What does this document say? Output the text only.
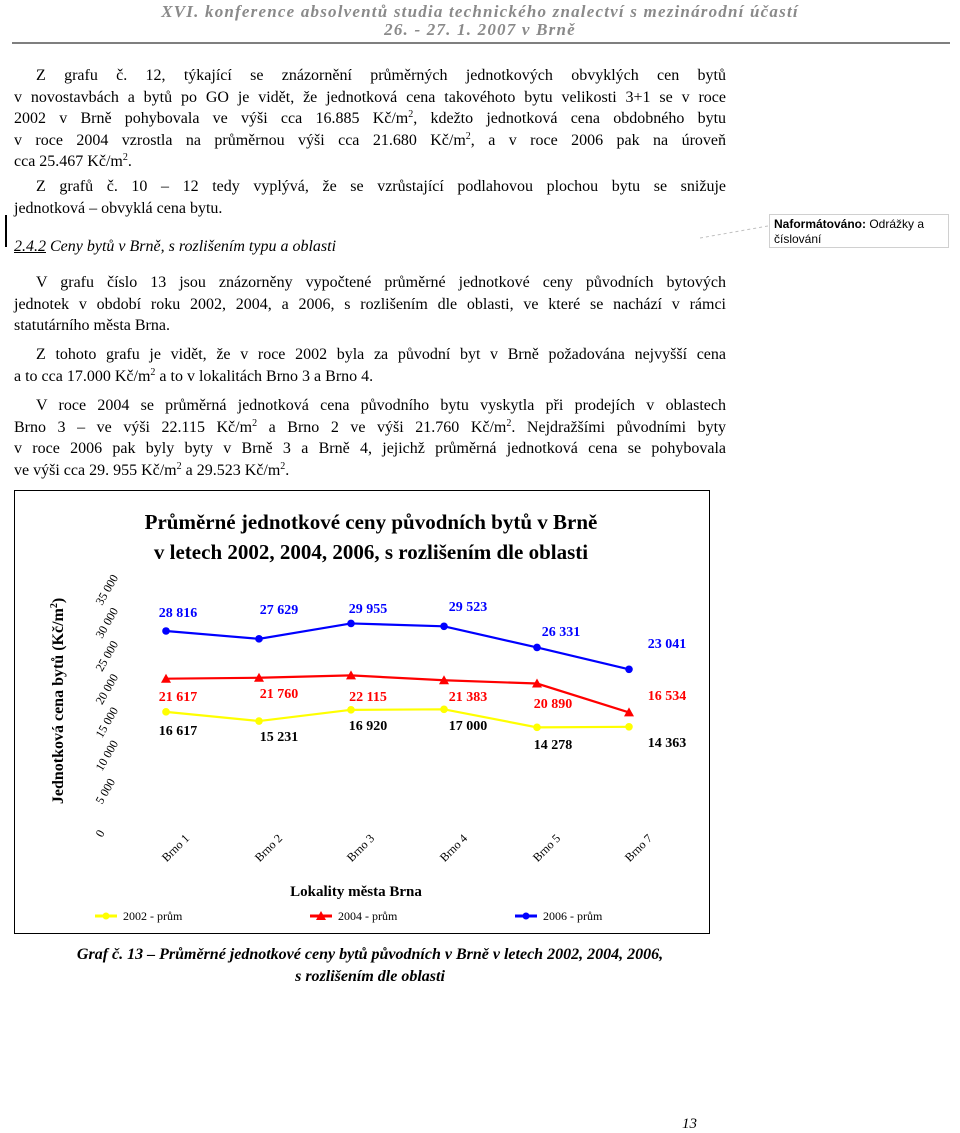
XVI. konference absolventů studia technického znalectví s mezinárodní účastí
26. - 27. 1. 2007 v Brně
Z grafu č. 12, týkající se znázornění průměrných jednotkových obvyklých cen bytů
v novostavbách a bytů po GO je vidět, že jednotková cena takovéhoto bytu velikosti 3+1 se v roce
2002 v Brně pohybovala ve výši cca 16.885 $Kč/m^2$, kdežto jednotková cena obdobného bytu
v roce 2004 vzrostla na průměrnou výši cca 21.680 $Kč/m^2$, a v roce 2006 pak na úroveň
cca 25.467 $Kč/m^2$.
Z grafů č. 10 – 12 tedy vyplývá, že se vzrůstající podlahovou plochou bytu se snižuje
jednotková – obvyklá cena bytu.
2.4.2 Ceny bytů v Brně, s rozlišením typu a oblasti
Naformátováno: Odrážky a číslování
V grafu číslo 13 jsou znázorněny vypočtené průměrné jednotkové ceny původních bytových
jednotek v období roku 2002, 2004, a 2006, s rozlišením dle oblasti, ve které se nachází v rámci
statutárního města Brna.
Z tohoto grafu je vidět, že v roce 2002 byla za původní byt v Brně požadována nejvyšší cena
a to cca 17.000 $Kč/m^2$ a to v lokalitách Brno 3 a Brno 4.
V roce 2004 se průměrná jednotková cena původního bytu vyskytla při prodejích v oblastech
Brno 3 – ve výši 22.115 $Kč/m^2$ a Brno 2 ve výši 21.760 $Kč/m^2$. Nejdražšími původními byty
v roce 2006 pak byly byty v Brně 3 a Brně 4, jejichž průměrná jednotková cena se pohybovala
ve výši cca 29. 955 $Kč/m^2$ a 29.523 $Kč/m^2$.
Průměrné jednotkové ceny původních bytů v Brně
v letech 2002, 2004, 2006, s rozlišením dle oblasti
Jednotková cena bytů $(Kč/m^2)$
0
5 000
10 000
15 000
20 000
25 000
30 000
35 000
Brno 1	Brno 2	Brno 3	Brno 4	Brno 5	Brno 7
16 617	15 231
16 920	17 000
14 278	14 363
21 617	21 760	22 115	21 383	20 890
16 534
28 816	27 629	29 955	29 523
26 331
23 041
Lokality města Brna
2002 - prům	2004 - prům	2006 - prům
Graf č. 13 – Průměrné jednotkové ceny bytů původních v Brně v letech 2002, 2004, 2006,
s rozlišením dle oblasti
13
